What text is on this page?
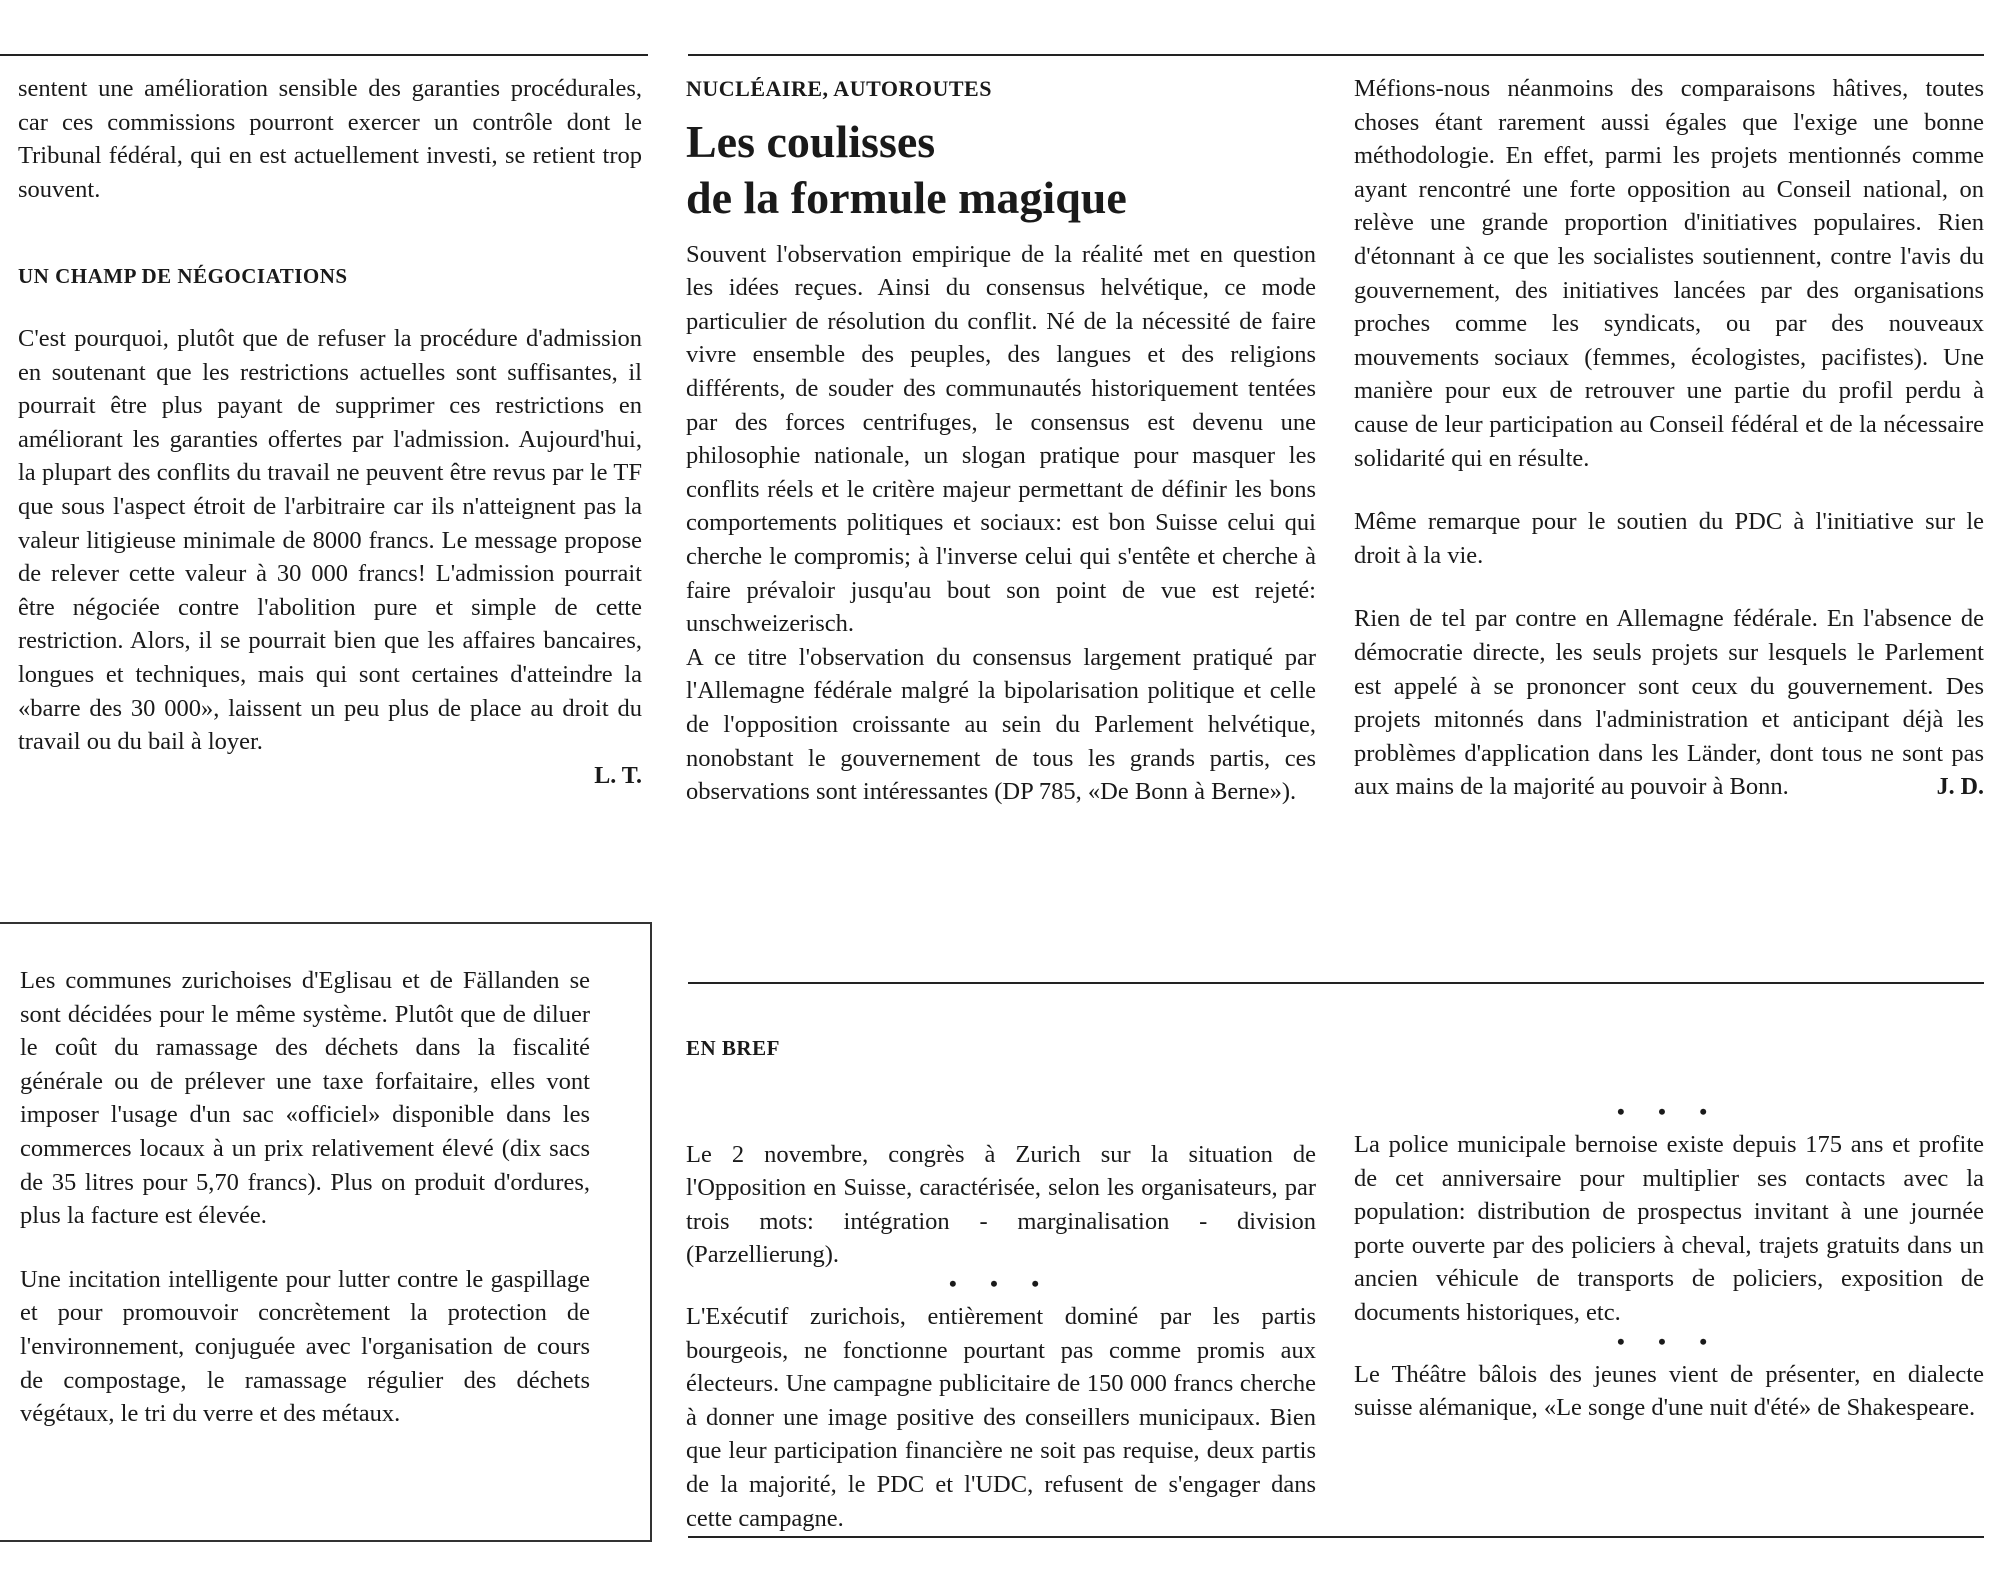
sentent une amélioration sensible des garanties procédurales, car ces commissions pourront exercer un contrôle dont le Tribunal fédéral, qui en est actuellement investi, se retient trop souvent.

UN CHAMP DE NÉGOCIATIONS

C'est pourquoi, plutôt que de refuser la procédure d'admission en soutenant que les restrictions actuelles sont suffisantes, il pourrait être plus payant de supprimer ces restrictions en améliorant les garanties offertes par l'admission. Aujourd'hui, la plupart des conflits du travail ne peuvent être revus par le TF que sous l'aspect étroit de l'arbitraire car ils n'atteignent pas la valeur litigieuse minimale de 8000 francs. Le message propose de relever cette valeur à 30 000 francs! L'admission pourrait être négociée contre l'abolition pure et simple de cette restriction. Alors, il se pourrait bien que les affaires bancaires, longues et techniques, mais qui sont certaines d'atteindre la «barre des 30 000», laissent un peu plus de place au droit du travail ou du bail à loyer.

L. T.

Les communes zurichoises d'Eglisau et de Fällanden se sont décidées pour le même système. Plutôt que de diluer le coût du ramassage des déchets dans la fiscalité générale ou de prélever une taxe forfaitaire, elles vont imposer l'usage d'un sac «officiel» disponible dans les commerces locaux à un prix relativement élevé (dix sacs de 35 litres pour 5,70 francs). Plus on produit d'ordures, plus la facture est élevée.

Une incitation intelligente pour lutter contre le gaspillage et pour promouvoir concrètement la protection de l'environnement, conjuguée avec l'organisation de cours de compostage, le ramassage régulier des déchets végétaux, le tri du verre et des métaux.

NUCLÉAIRE, AUTOROUTES

Les coulisses
de la formule magique

Souvent l'observation empirique de la réalité met en question les idées reçues. Ainsi du consensus helvétique, ce mode particulier de résolution du conflit. Né de la nécessité de faire vivre ensemble des peuples, des langues et des religions différents, de souder des communautés historiquement tentées par des forces centrifuges, le consensus est devenu une philosophie nationale, un slogan pratique pour masquer les conflits réels et le critère majeur permettant de définir les bons comportements politiques et sociaux: est bon Suisse celui qui cherche le compromis; à l'inverse celui qui s'entête et cherche à faire prévaloir jusqu'au bout son point de vue est rejeté: unschweizerisch.

A ce titre l'observation du consensus largement pratiqué par l'Allemagne fédérale malgré la bipolarisation politique et celle de l'opposition croissante au sein du Parlement helvétique, nonobstant le gouvernement de tous les grands partis, ces observations sont intéressantes (DP 785, «De Bonn à Berne»).

Méfions-nous néanmoins des comparaisons hâtives, toutes choses étant rarement aussi égales que l'exige une bonne méthodologie. En effet, parmi les projets mentionnés comme ayant rencontré une forte opposition au Conseil national, on relève une grande proportion d'initiatives populaires. Rien d'étonnant à ce que les socialistes soutiennent, contre l'avis du gouvernement, des initiatives lancées par des organisations proches comme les syndicats, ou par des nouveaux mouvements sociaux (femmes, écologistes, pacifistes). Une manière pour eux de retrouver une partie du profil perdu à cause de leur participation au Conseil fédéral et de la nécessaire solidarité qui en résulte.

Même remarque pour le soutien du PDC à l'initiative sur le droit à la vie.

Rien de tel par contre en Allemagne fédérale. En l'absence de démocratie directe, les seuls projets sur lesquels le Parlement est appelé à se prononcer sont ceux du gouvernement. Des projets mitonnés dans l'administration et anticipant déjà les problèmes d'application dans les Länder, dont tous ne sont pas aux mains de la majorité au pouvoir à Bonn.	J. D.

EN BREF

Le 2 novembre, congrès à Zurich sur la situation de l'Opposition en Suisse, caractérisée, selon les organisateurs, par trois mots: intégration - marginalisation - division (Parzellierung).

• • •

L'Exécutif zurichois, entièrement dominé par les partis bourgeois, ne fonctionne pourtant pas comme promis aux électeurs. Une campagne publicitaire de 150 000 francs cherche à donner une image positive des conseillers municipaux. Bien que leur participation financière ne soit pas requise, deux partis de la majorité, le PDC et l'UDC, refusent de s'engager dans cette campagne.

• • •

La police municipale bernoise existe depuis 175 ans et profite de cet anniversaire pour multiplier ses contacts avec la population: distribution de prospectus invitant à une journée porte ouverte par des policiers à cheval, trajets gratuits dans un ancien véhicule de transports de policiers, exposition de documents historiques, etc.

• • •

Le Théâtre bâlois des jeunes vient de présenter, en dialecte suisse alémanique, «Le songe d'une nuit d'été» de Shakespeare.
